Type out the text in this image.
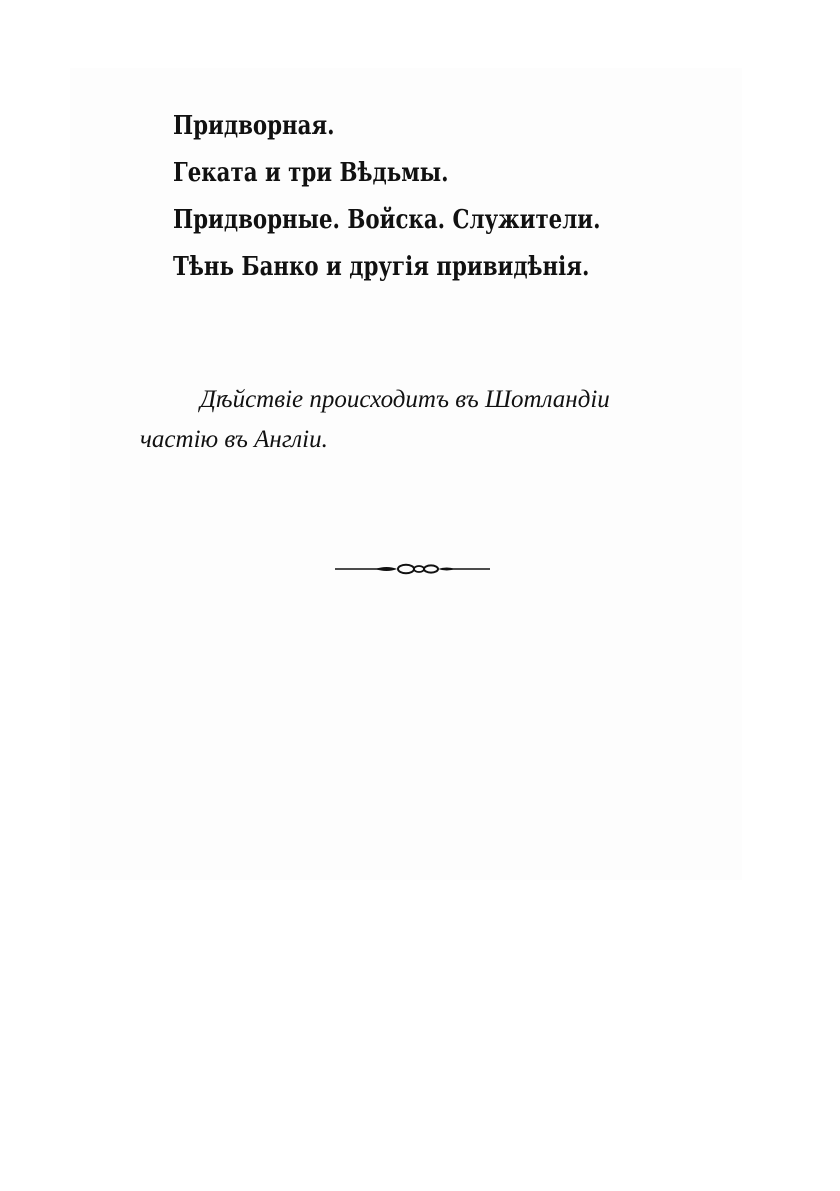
Придворная.
Геката и три Вѣдьмы.
Придворные. Войска. Служители.
Тѣнь Банко и другія привидѣнія.
Дѣйствіе происходитъ въ Шотландіи
частію въ Англіи.
